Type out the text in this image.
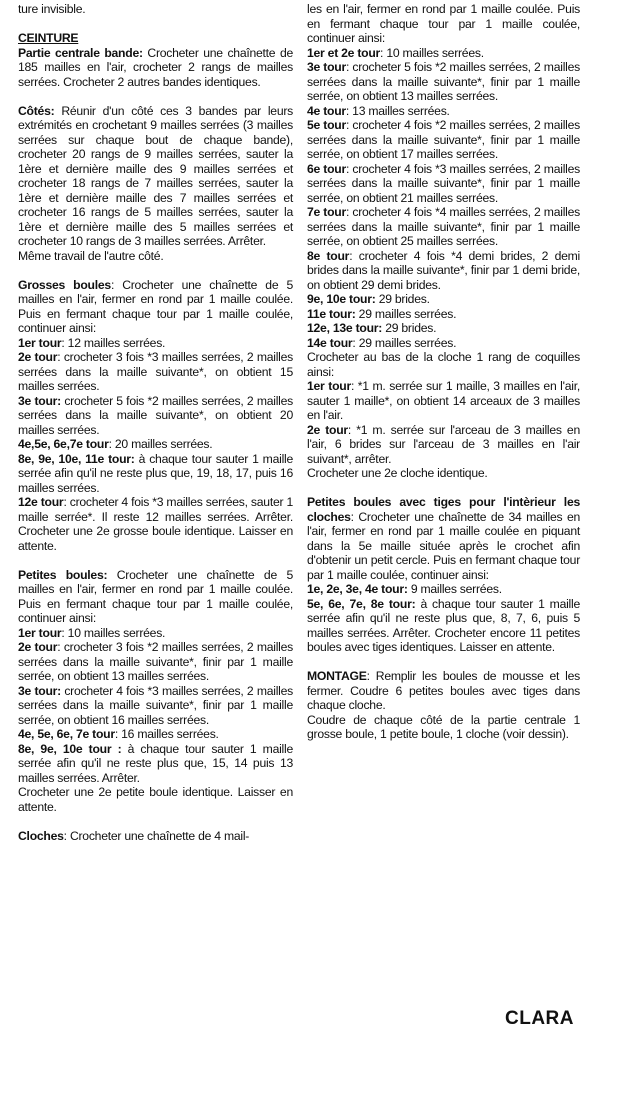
ture invisible.

CEINTURE

Partie centrale bande: Crocheter une chaînette de 185 mailles en l'air, crocheter 2 rangs de mailles serrées. Crocheter 2 autres bandes identiques.

Côtés: Réunir d'un côté ces 3 bandes par leurs extrémités en crochetant 9 mailles serrées (3 mailles serrées sur chaque bout de chaque bande), crocheter 20 rangs de 9 mailles serrées, sauter la 1ère et dernière maille des 9 mailles serrées et crocheter 18 rangs de 7 mailles serrées, sauter la 1ère et dernière maille des 7 mailles serrées et crocheter 16 rangs de 5 mailles serrées, sauter la 1ère et dernière maille des 5 mailles serrées et crocheter 10 rangs de 3 mailles serrées. Arrêter.

Même travail de l'autre côté.

Grosses boules: Crocheter une chaînette de 5 mailles en l'air, fermer en rond par 1 maille coulée. Puis en fermant chaque tour par 1 maille coulée, continuer ainsi:

1er tour: 12 mailles serrées.

2e tour: crocheter 3 fois *3 mailles serrées, 2 mailles serrées dans la maille suivante*, on obtient 15 mailles serrées.

3e tour: crocheter 5 fois *2 mailles serrées, 2 mailles serrées dans la maille suivante*, on obtient 20 mailles serrées.

4e,5e, 6e,7e tour: 20 mailles serrées.

8e, 9e, 10e, 11e tour: à chaque tour sauter 1 maille serrée afin qu'il ne reste plus que, 19, 18, 17, puis 16 mailles serrées.

12e tour: crocheter 4 fois *3 mailles serrées, sauter 1 maille serrée*. Il reste 12 mailles serrées. Arrêter. Crocheter une 2e grosse boule identique. Laisser en attente.

Petites boules: Crocheter une chaînette de 5 mailles en l'air, fermer en rond par 1 maille coulée. Puis en fermant chaque tour par 1 maille coulée, continuer ainsi:

1er tour: 10 mailles serrées.

2e tour: crocheter 3 fois *2 mailles serrées, 2 mailles serrées dans la maille suivante*, finir par 1 maille serrée, on obtient 13 mailles serrées.

3e tour: crocheter 4 fois *3 mailles serrées, 2 mailles serrées dans la maille suivante*, finir par 1 maille serrée, on obtient 16 mailles serrées.

4e, 5e, 6e, 7e tour: 16 mailles serrées.

8e, 9e, 10e tour : à chaque tour sauter 1 maille serrée afin qu'il ne reste plus que, 15, 14 puis 13 mailles serrées. Arrêter.

Crocheter une 2e petite boule identique. Laisser en attente.

Cloches: Crocheter une chaînette de 4 mail-

les en l'air, fermer en rond par 1 maille coulée. Puis en fermant chaque tour par 1 maille coulée, continuer ainsi:

1er et 2e tour: 10 mailles serrées.

3e tour: crocheter 5 fois *2 mailles serrées, 2 mailles serrées dans la maille suivante*, finir par 1 maille serrée, on obtient 13 mailles serrées.

4e tour: 13 mailles serrées.

5e tour: crocheter 4 fois *2 mailles serrées, 2 mailles serrées dans la maille suivante*, finir par 1 maille serrée, on obtient 17 mailles serrées.

6e tour: crocheter 4 fois *3 mailles serrées, 2 mailles serrées dans la maille suivante*, finir par 1 maille serrée, on obtient 21 mailles serrées.

7e tour: crocheter 4 fois *4 mailles serrées, 2 mailles serrées dans la maille suivante*, finir par 1 maille serrée, on obtient 25 mailles serrées.

8e tour: crocheter 4 fois *4 demi brides, 2 demi brides dans la maille suivante*, finir par 1 demi bride, on obtient 29 demi brides.

9e, 10e tour: 29 brides.

11e tour: 29 mailles serrées.

12e, 13e tour: 29 brides.

14e tour: 29 mailles serrées.

Crocheter au bas de la cloche 1 rang de coquilles ainsi:

1er tour: *1 m. serrée sur 1 maille, 3 mailles en l'air, sauter 1 maille*, on obtient 14 arceaux de 3 mailles en l'air.

2e tour: *1 m. serrée sur l'arceau de 3 mailles en l'air, 6 brides sur l'arceau de 3 mailles en l'air suivant*, arrêter.

Crocheter une 2e cloche identique.

Petites boules avec tiges pour l'intèrieur les cloches: Crocheter une chaînette de 34 mailles en l'air, fermer en rond par 1 maille coulée en piquant dans la 5e maille située après le crochet afin d'obtenir un petit cercle. Puis en fermant chaque tour par 1 maille coulée, continuer ainsi:

1e, 2e, 3e, 4e tour: 9 mailles serrées.

5e, 6e, 7e, 8e tour: à chaque tour sauter 1 maille serrée afin qu'il ne reste plus que, 8, 7, 6, puis 5 mailles serrées. Arrêter. Crocheter encore 11 petites boules avec tiges identiques. Laisser en attente.

MONTAGE: Remplir les boules de mousse et les fermer. Coudre 6 petites boules avec tiges dans chaque cloche.

Coudre de chaque côté de la partie centrale 1 grosse boule, 1 petite boule, 1 cloche (voir dessin).

CLARA
